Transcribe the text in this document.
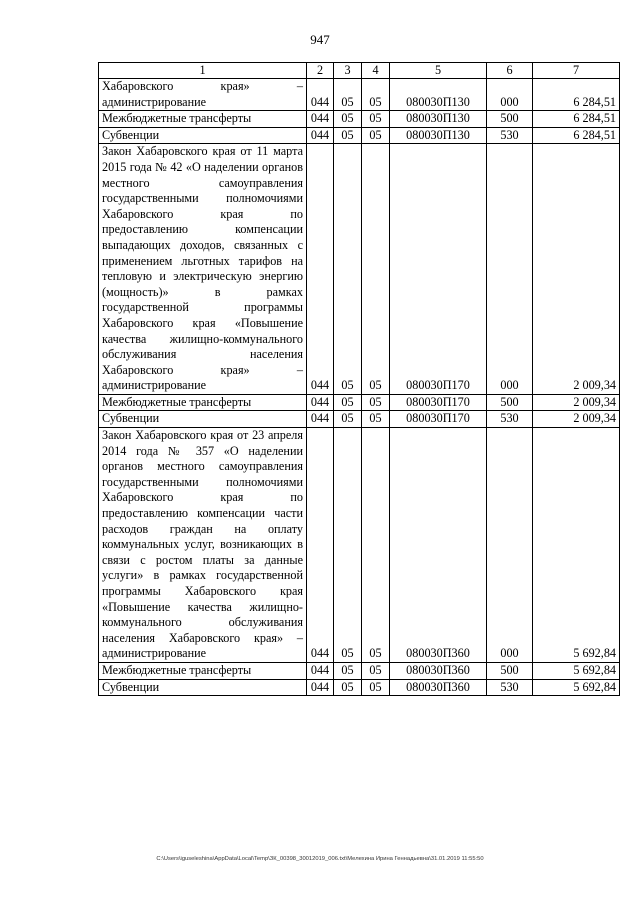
947
1	2	3	4	5	6	7
Хабаровского края» – администрирование	044	05	05	080030П130	000	6 284,51
Межбюджетные трансферты	044	05	05	080030П130	500	6 284,51
Субвенции	044	05	05	080030П130	530	6 284,51
Закон Хабаровского края от 11 марта 2015 года № 42 «О наделении органов местного самоуправления государственными полномочиями Хабаровского края по предоставлению компенсации выпадающих доходов, связанных с применением льготных тарифов на тепловую и электрическую энергию (мощность)» в рамках государственной программы Хабаровского края «Повышение качества жилищно-коммунального обслуживания населения Хабаровского края» – администрирование	044	05	05	080030П170	000	2 009,34
Межбюджетные трансферты	044	05	05	080030П170	500	2 009,34
Субвенции	044	05	05	080030П170	530	2 009,34
Закон Хабаровского края от 23 апреля 2014 года № 357 «О наделении органов местного самоуправления государственными полномочиями Хабаровского края по предоставлению компенсации части расходов граждан на оплату коммунальных услуг, возникающих в связи с ростом платы за данные услуги» в рамках государственной программы Хабаровского края «Повышение качества жилищно-коммунального обслуживания населения Хабаровского края» – администрирование	044	05	05	080030П360	000	5 692,84
Межбюджетные трансферты	044	05	05	080030П360	500	5 692,84
Субвенции	044	05	05	080030П360	530	5 692,84
C:\Users\iguseleshina\AppData\Local\Temp\ЗК_00398_30012019_006.txt\Мелехина Ирина Геннадьевна\31.01.2019 11:55:50
